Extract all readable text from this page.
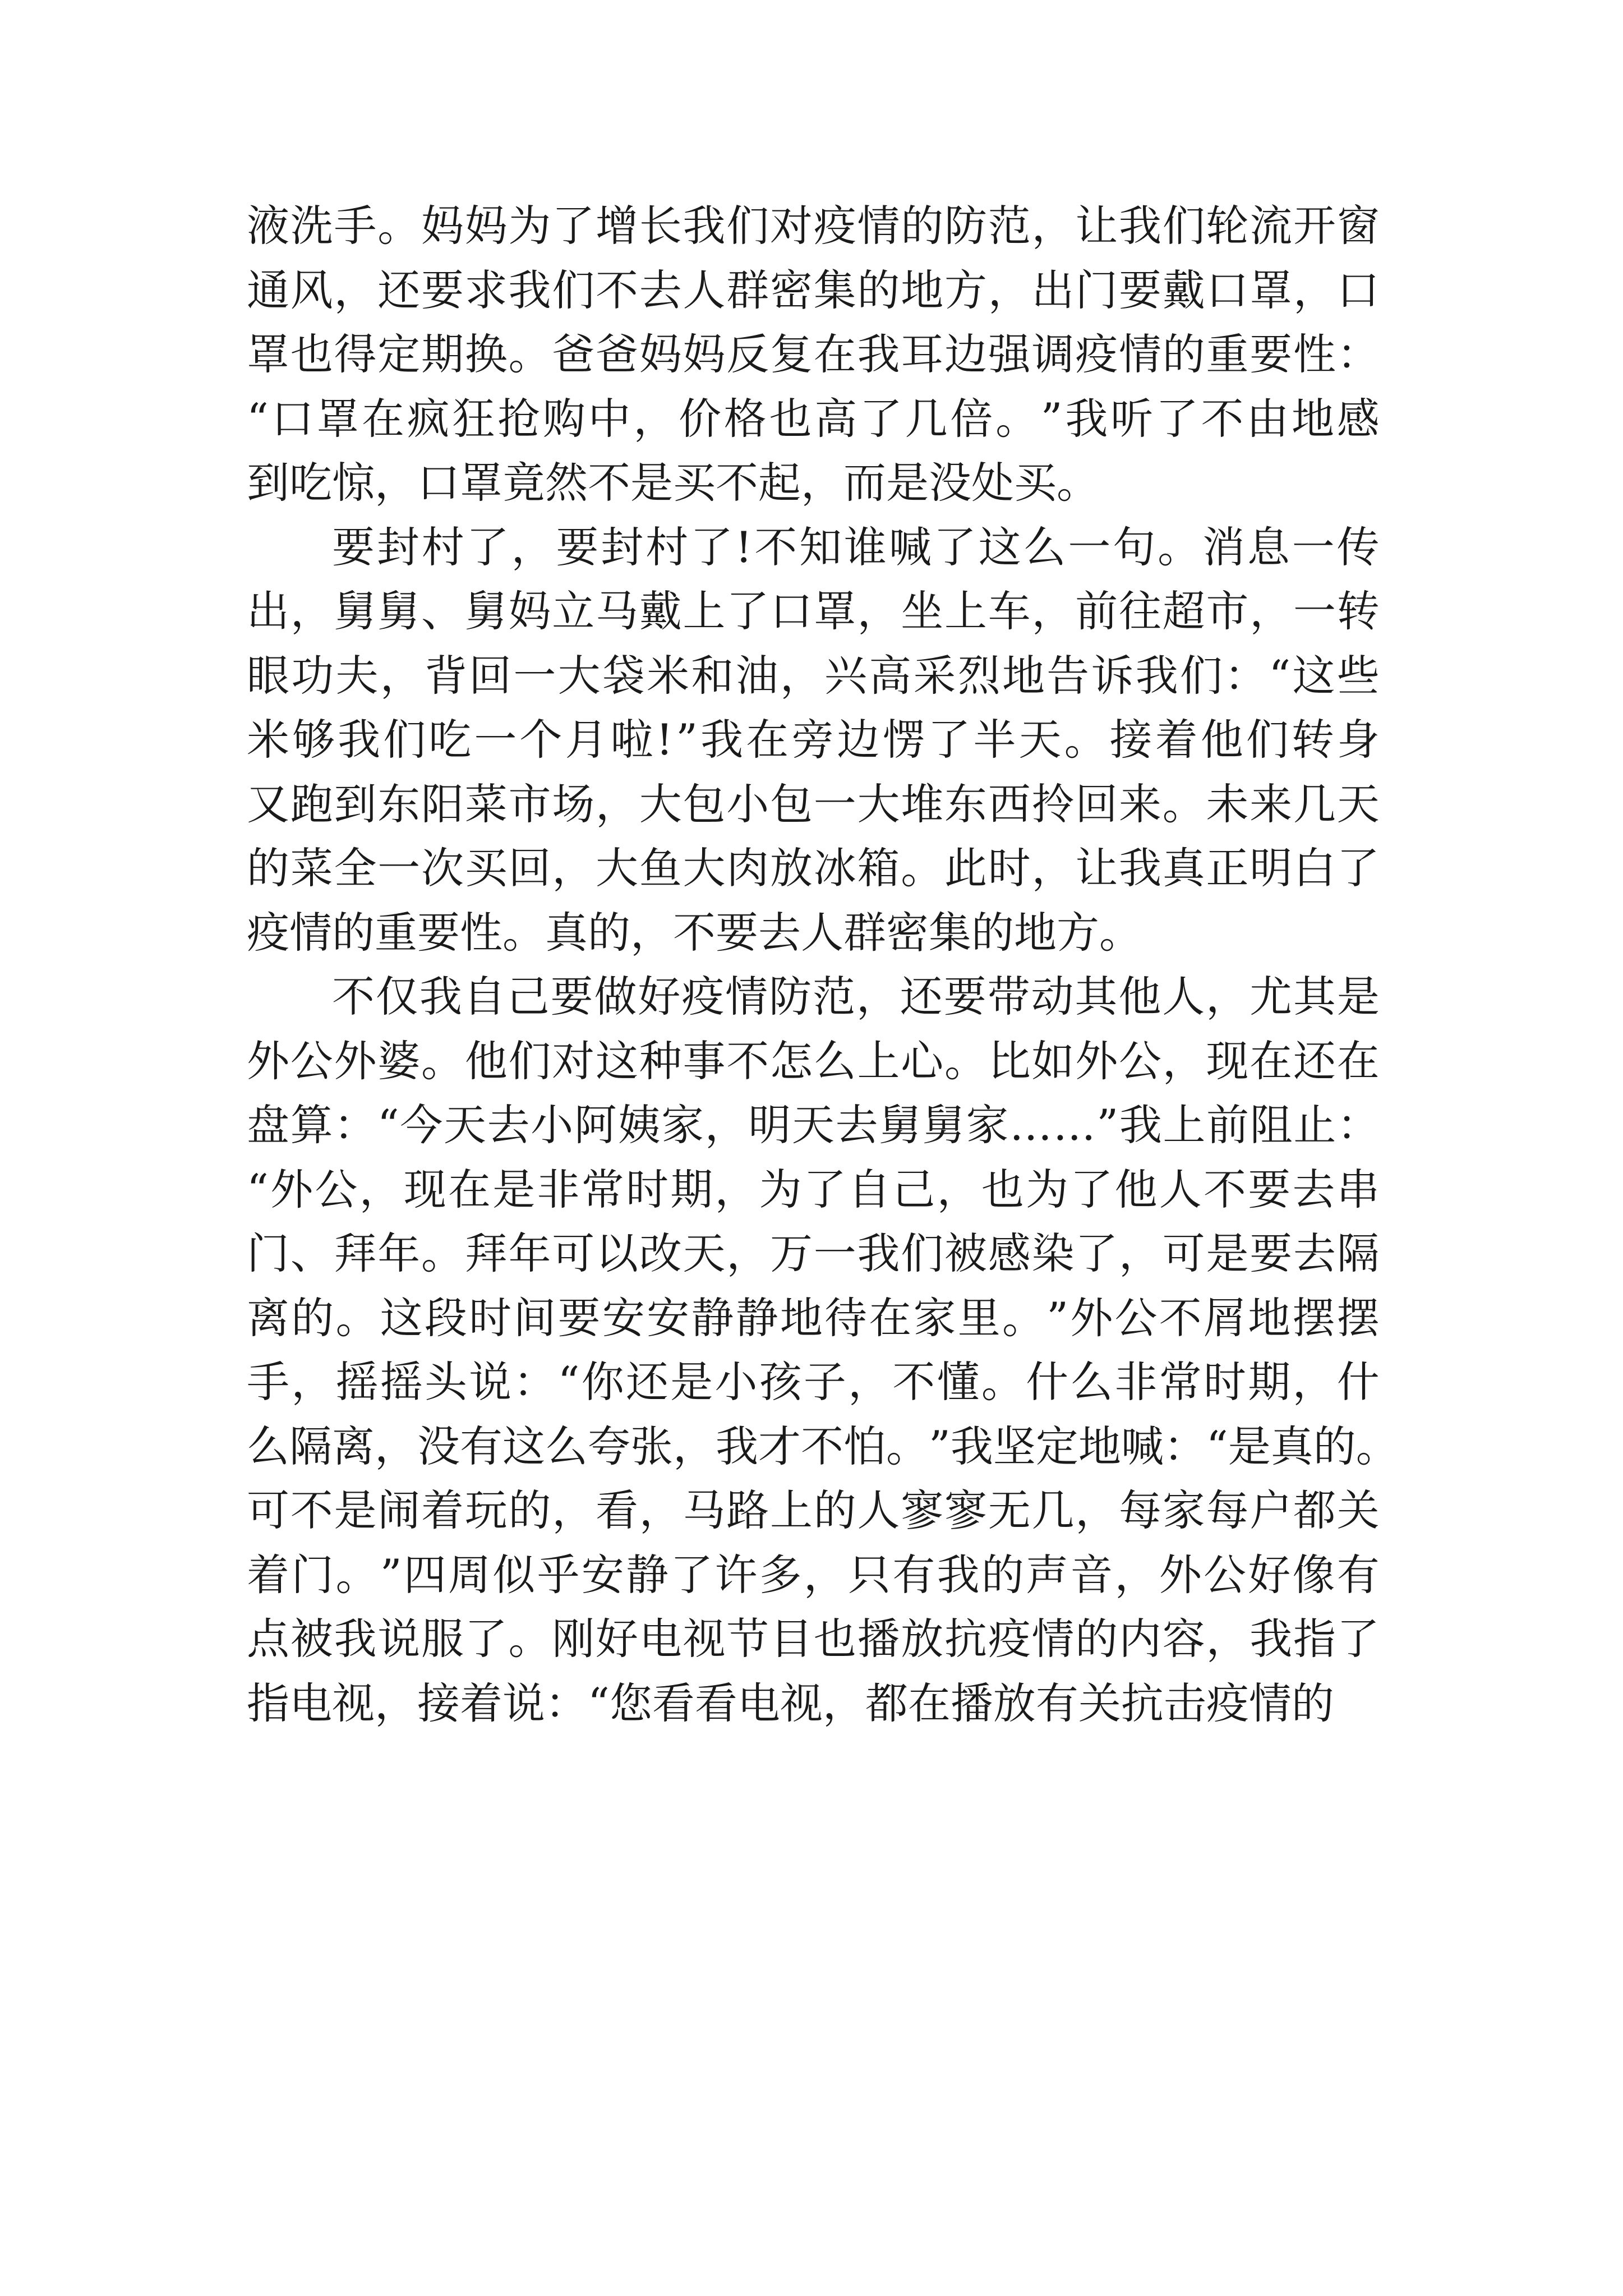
液 洗 手 。 妈 妈 为 了 增 长 我 们 对 疫 情 的 防 范 ， 让 我 们 轮 流 开 窗
通 风 ， 还 要 求 我 们 不 去 人 群 密 集 的 地 方 ， 出 门 要 戴 口 罩 ， 口
罩 也 得 定 期 换 。 爸 爸 妈 妈 反 复 在 我 耳 边 强 调 疫 情 的 重 要 性 ：
“ 口 罩 在 疯 狂 抢 购 中 ， 价 格 也 高 了 几 倍 。 ” 我 听 了 不 由 地 感
到吃惊，口罩竟然不是买不起，而是没处买。
要 封 村 了 ， 要 封 村 了 ! 不 知 谁 喊 了 这 么 一 句 。 消 息 一 传
出 ， 舅 舅 、 舅 妈 立 马 戴 上 了 口 罩 ， 坐 上 车 ， 前 往 超 市 ， 一 转
眼 功 夫 ， 背 回 一 大 袋 米 和 油 ， 兴 高 采 烈 地 告 诉 我 们 ： “ 这 些
米 够 我 们 吃 一 个 月 啦 ! ” 我 在 旁 边 愣 了 半 天 。 接 着 他 们 转 身
又 跑 到 东 阳 菜 市 场 ， 大 包 小 包 一 大 堆 东 西 拎 回 来 。 未 来 几 天
的 菜 全 一 次 买 回 ， 大 鱼 大 肉 放 冰 箱 。 此 时 ， 让 我 真 正 明 白 了
疫情的重要性。真的，不要去人群密集的地方。
不 仅 我 自 己 要 做 好 疫 情 防 范 ， 还 要 带 动 其 他 人 ， 尤 其 是
外 公 外 婆 。 他 们 对 这 种 事 不 怎 么 上 心 。 比 如 外 公 ， 现 在 还 在
盘 算 ： “ 今 天 去 小 阿 姨 家 ， 明 天 去 舅 舅 家 … … ” 我 上 前 阻 止 ：
“ 外 公 ， 现 在 是 非 常 时 期 ， 为 了 自 己 ， 也 为 了 他 人 不 要 去 串
门 、 拜 年 。 拜 年 可 以 改 天 ， 万 一 我 们 被 感 染 了 ， 可 是 要 去 隔
离 的 。 这 段 时 间 要 安 安 静 静 地 待 在 家 里 。 ” 外 公 不 屑 地 摆 摆
手 ， 摇 摇 头 说 ： “ 你 还 是 小 孩 子 ， 不 懂 。 什 么 非 常 时 期 ， 什
么 隔 离 ， 没 有 这 么 夸 张 ， 我 才 不 怕 。 ” 我 坚 定 地 喊 ： “ 是 真 的 。
可 不 是 闹 着 玩 的 ， 看 ， 马 路 上 的 人 寥 寥 无 几 ， 每 家 每 户 都 关
着 门 。 ” 四 周 似 乎 安 静 了 许 多 ， 只 有 我 的 声 音 ， 外 公 好 像 有
点 被 我 说 服 了 。 刚 好 电 视 节 目 也 播 放 抗 疫 情 的 内 容 ， 我 指 了
指电视，接着说：“您看看电视，都在播放有关抗击疫情的
